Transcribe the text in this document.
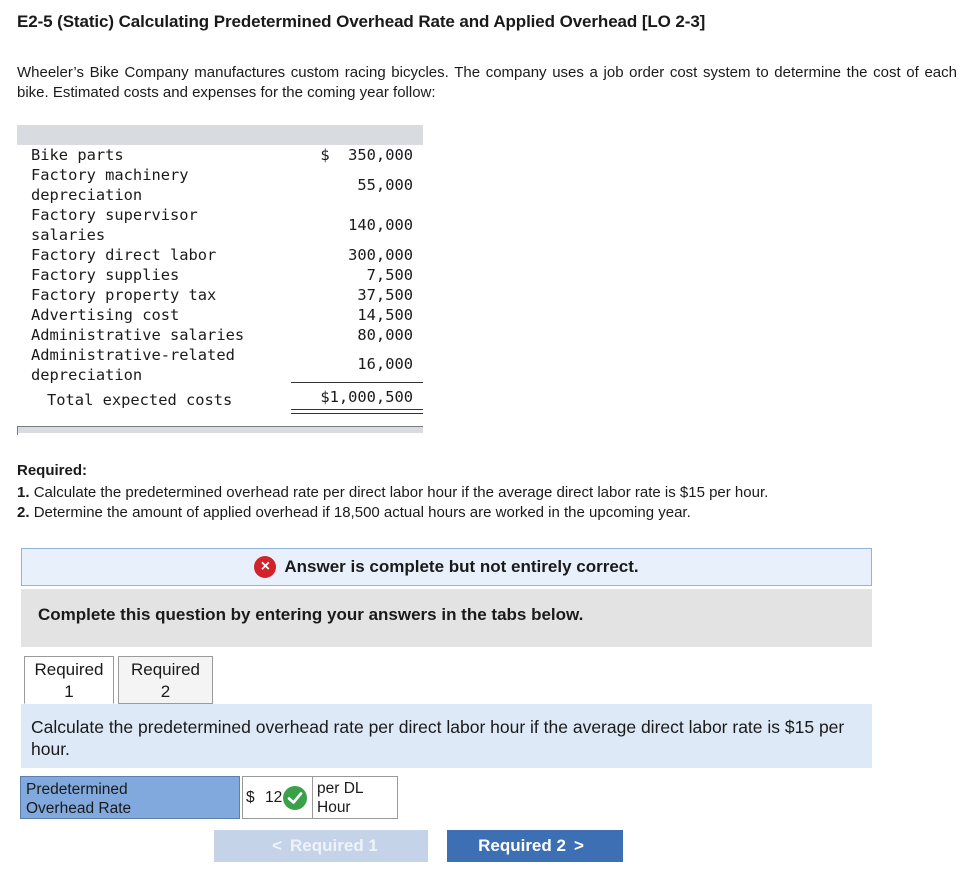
E2-5 (Static) Calculating Predetermined Overhead Rate and Applied Overhead [LO 2-3]
Wheeler’s Bike Company manufactures custom racing bicycles. The company uses a job order cost system to determine the cost of each bike. Estimated costs and expenses for the coming year follow:
Bike parts	$  350,000
Factory machinery
depreciation
55,000
Factory supervisor
salaries
140,000
Factory direct labor	300,000
Factory supplies	7,500
Factory property tax	37,500
Advertising cost	14,500
Administrative salaries	80,000
Administrative-related
depreciation
16,000
Total expected costs	$1,000,500
Required:
1. Calculate the predetermined overhead rate per direct labor hour if the average direct labor rate is $15 per hour.
2. Determine the amount of applied overhead if 18,500 actual hours are worked in the upcoming year.
× Answer is complete but not entirely correct.
Complete this question by entering your answers in the tabs below.
Required
1
Required
2
Calculate the predetermined overhead rate per direct labor hour if the average direct labor rate is $15 per hour.
Predetermined
Overhead Rate
$ 12
per DL
Hour
< Required 1	Required 2 >
